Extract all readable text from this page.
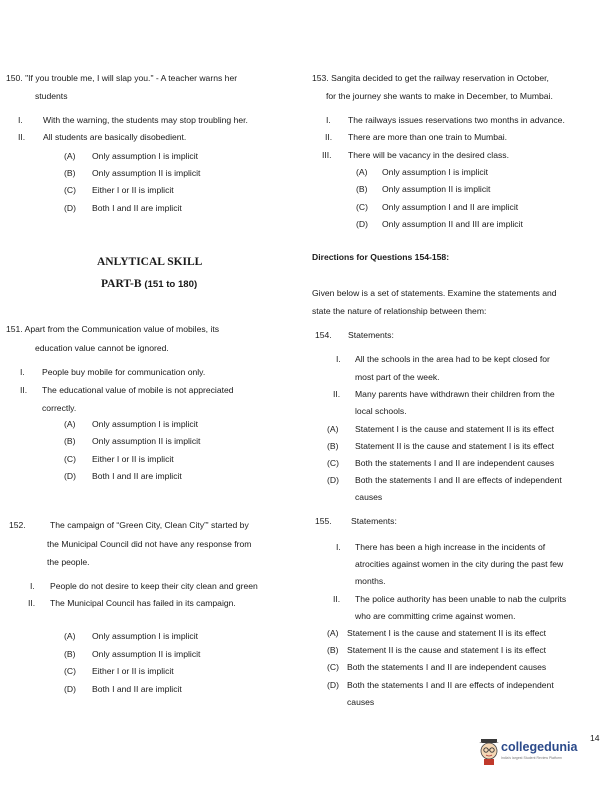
150. "If you trouble me, I will slap you." - A teacher warns her
students
I. With the warning, the students may stop troubling her.
II. All students are basically disobedient.
(A) Only assumption I is implicit
(B) Only assumption II is implicit
(C) Either I or II is implicit
(D) Both I and II are implicit
ANLYTICAL SKILL
PART-B (151 to 180)
151. Apart from the Communication value of mobiles, its
education value cannot be ignored.
I. People buy mobile for communication only.
II. The educational value of mobile is not appreciated
correctly.
(A) Only assumption I is implicit
(B) Only assumption II is implicit
(C) Either I or II is implicit
(D) Both I and II are implicit
152.	The campaign of “Green City, Clean City”' started by
the Municipal Council did not have any response from
the people.
I. People do not desire to keep their city clean and green
II. The Municipal Council has failed in its campaign.
(A) Only assumption I is implicit
(B) Only assumption II is implicit
(C) Either I or II is implicit
(D) Both I and II are implicit
153. Sangita decided to get the railway reservation in October,
for the journey she wants to make in December, to Mumbai.
I. The railways issues reservations two months in advance.
II. There are more than one train to Mumbai.
III. There will be vacancy in the desired class.
(A) Only assumption I is implicit
(B) Only assumption II is implicit
(C) Only assumption I and II are implicit
(D) Only assumption II and III are implicit
Directions for Questions 154-158:
Given below is a set of statements. Examine the statements and
state the nature of relationship between them:
154. Statements:
I. All the schools in the area had to be kept closed for
most part of the week.
II. Many parents have withdrawn their children from the
local schools.
(A) Statement I is the cause and statement II is its effect
(B) Statement II is the cause and statement I is its effect
(C) Both the statements I and II are independent causes
(D) Both the statements I and II are effects of independent
causes
155. Statements:
I. There has been a high increase in the incidents of
atrocities against women in the city during the past few
months.
II. The police authority has been unable to nab the culprits
who are committing crime against women.
(A) Statement I is the cause and statement II is its effect
(B) Statement II is the cause and statement I is its effect
(C) Both the statements I and II are independent causes
(D) Both the statements I and II are effects of independent
causes
14
collegedunia
India's largest Student Review Platform
